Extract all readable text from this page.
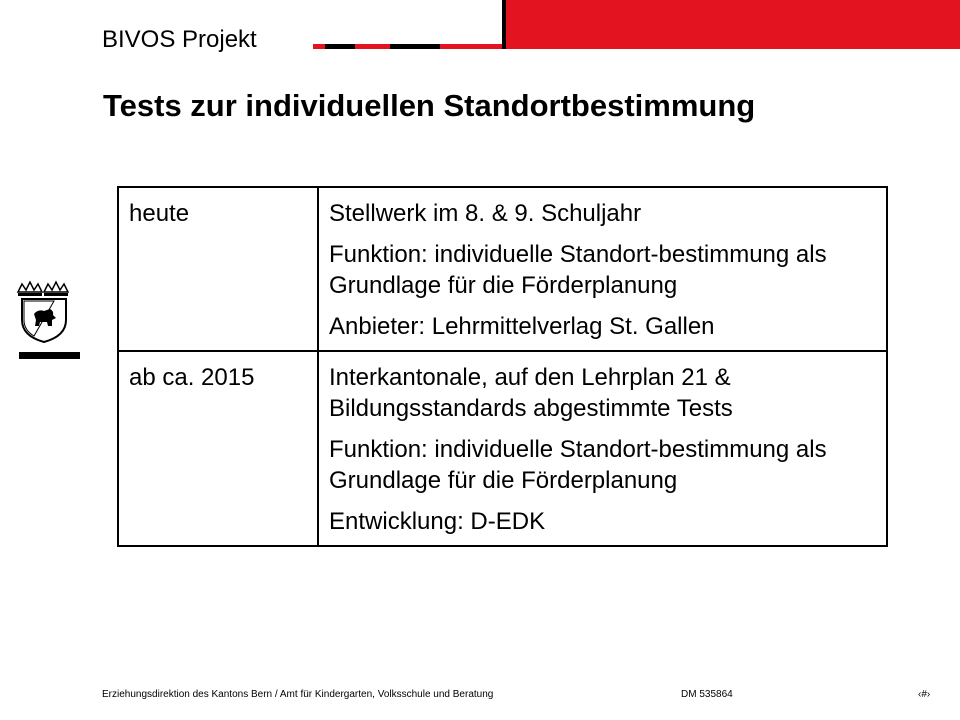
BIVOS Projekt
Tests zur individuellen Standortbestimmung
heute	Stellwerk im 8. & 9. Schuljahr

Funktion: individuelle Standort-bestimmung als Grundlage für die Förderplanung

Anbieter: Lehrmittelverlag St. Gallen

ab ca. 2015	Interkantonale, auf den Lehrplan 21 & Bildungsstandards abgestimmte Tests

Funktion: individuelle Standort-bestimmung als Grundlage für die Förderplanung

Entwicklung: D-EDK

Erziehungsdirektion des Kantons Bern / Amt für Kindergarten, Volksschule und Beratung	DM 535864	‹#›
